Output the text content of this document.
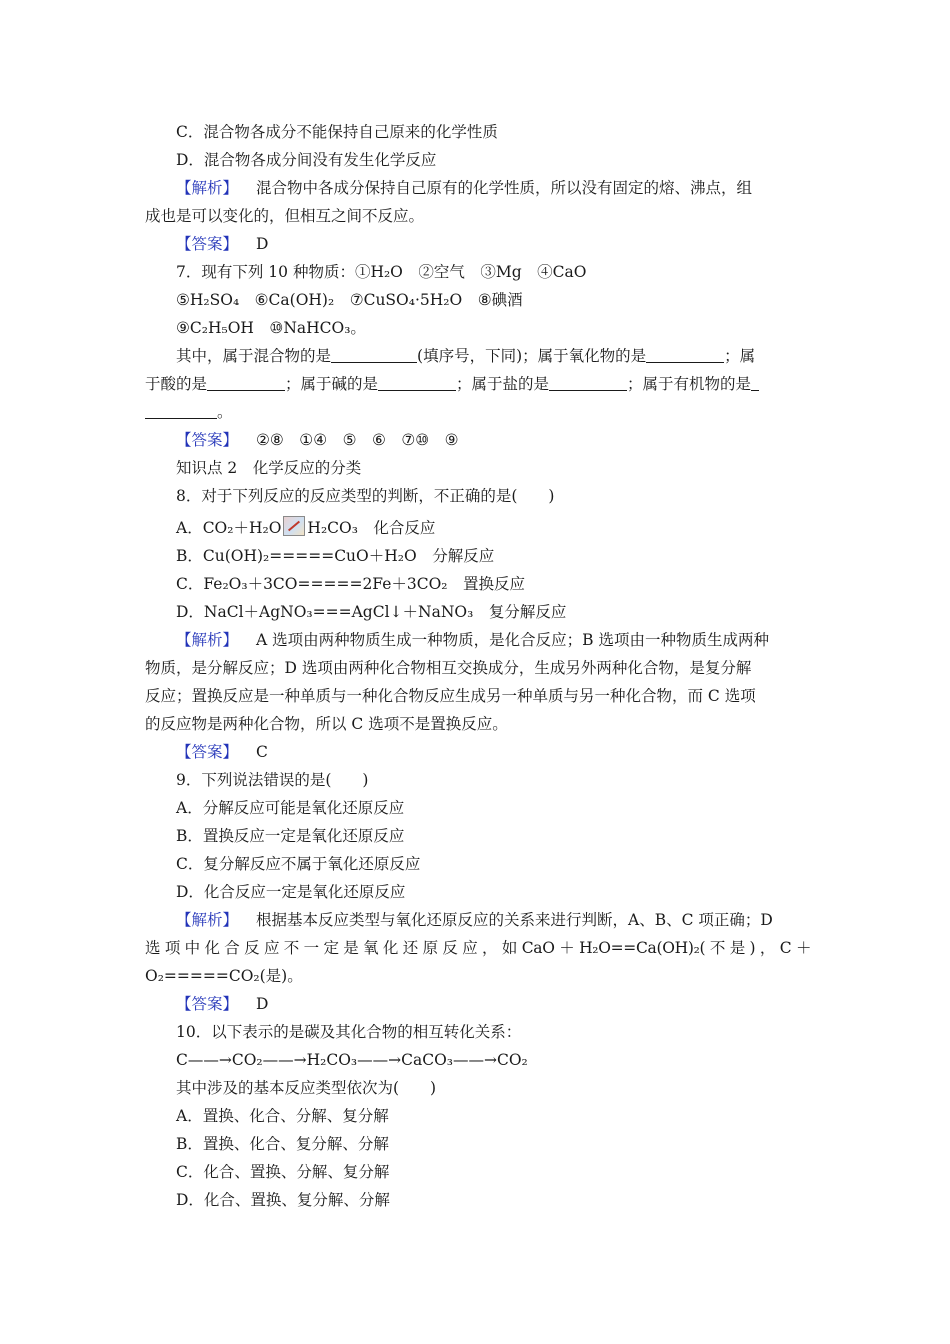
C．混合物各成分不能保持自己原来的化学性质
D．混合物各成分间没有发生化学反应
【解析】 混合物中各成分保持自己原有的化学性质，所以没有固定的熔、沸点，组
成也是可以变化的，但相互之间不反应。
【答案】 D
7．现有下列 10 种物质：①H₂O　②空气　③Mg　④CaO
⑤H₂SO₄　⑥Ca(OH)₂　⑦CuSO₄·5H₂O　⑧碘酒
⑨C₂H₅OH　⑩NaHCO₃。
其中，属于混合物的是	(填序号，下同)；属于氧化物的是	；属
于酸的是	；属于碱的是	；属于盐的是	；属于有机物的是
。
【答案】 ②⑧　①④　⑤　⑥　⑦⑩　⑨
知识点 2　化学反应的分类
8．对于下列反应的反应类型的判断，不正确的是(　　)
A．CO₂＋H₂O H₂CO₃　化合反应
B．Cu(OH)₂=====CuO＋H₂O　分解反应
C．Fe₂O₃＋3CO=====2Fe＋3CO₂　置换反应
D．NaCl＋AgNO₃===AgCl↓＋NaNO₃　复分解反应
【解析】 A 选项由两种物质生成一种物质，是化合反应；B 选项由一种物质生成两种
物质，是分解反应；D 选项由两种化合物相互交换成分，生成另外两种化合物，是复分解
反应；置换反应是一种单质与一种化合物反应生成另一种单质与另一种化合物，而 C 选项
的反应物是两种化合物，所以 C 选项不是置换反应。
【答案】 C
9．下列说法错误的是(　　)
A．分解反应可能是氧化还原反应
B．置换反应一定是氧化还原反应
C．复分解反应不属于氧化还原反应
D．化合反应一定是氧化还原反应
【解析】 根据基本反应类型与氧化还原反应的关系来进行判断，A、B、C 项正确；D
选 项 中 化 合 反 应 不 一 定 是 氧 化 还 原 反 应 ， 如 CaO ＋ H₂O==Ca(OH)₂( 不 是 ) ， C ＋
O₂=====CO₂(是)。
【答案】 D
10．以下表示的是碳及其化合物的相互转化关系：
C——→CO₂——→H₂CO₃——→CaCO₃——→CO₂
其中涉及的基本反应类型依次为(　　)
A．置换、化合、分解、复分解
B．置换、化合、复分解、分解
C．化合、置换、分解、复分解
D．化合、置换、复分解、分解
